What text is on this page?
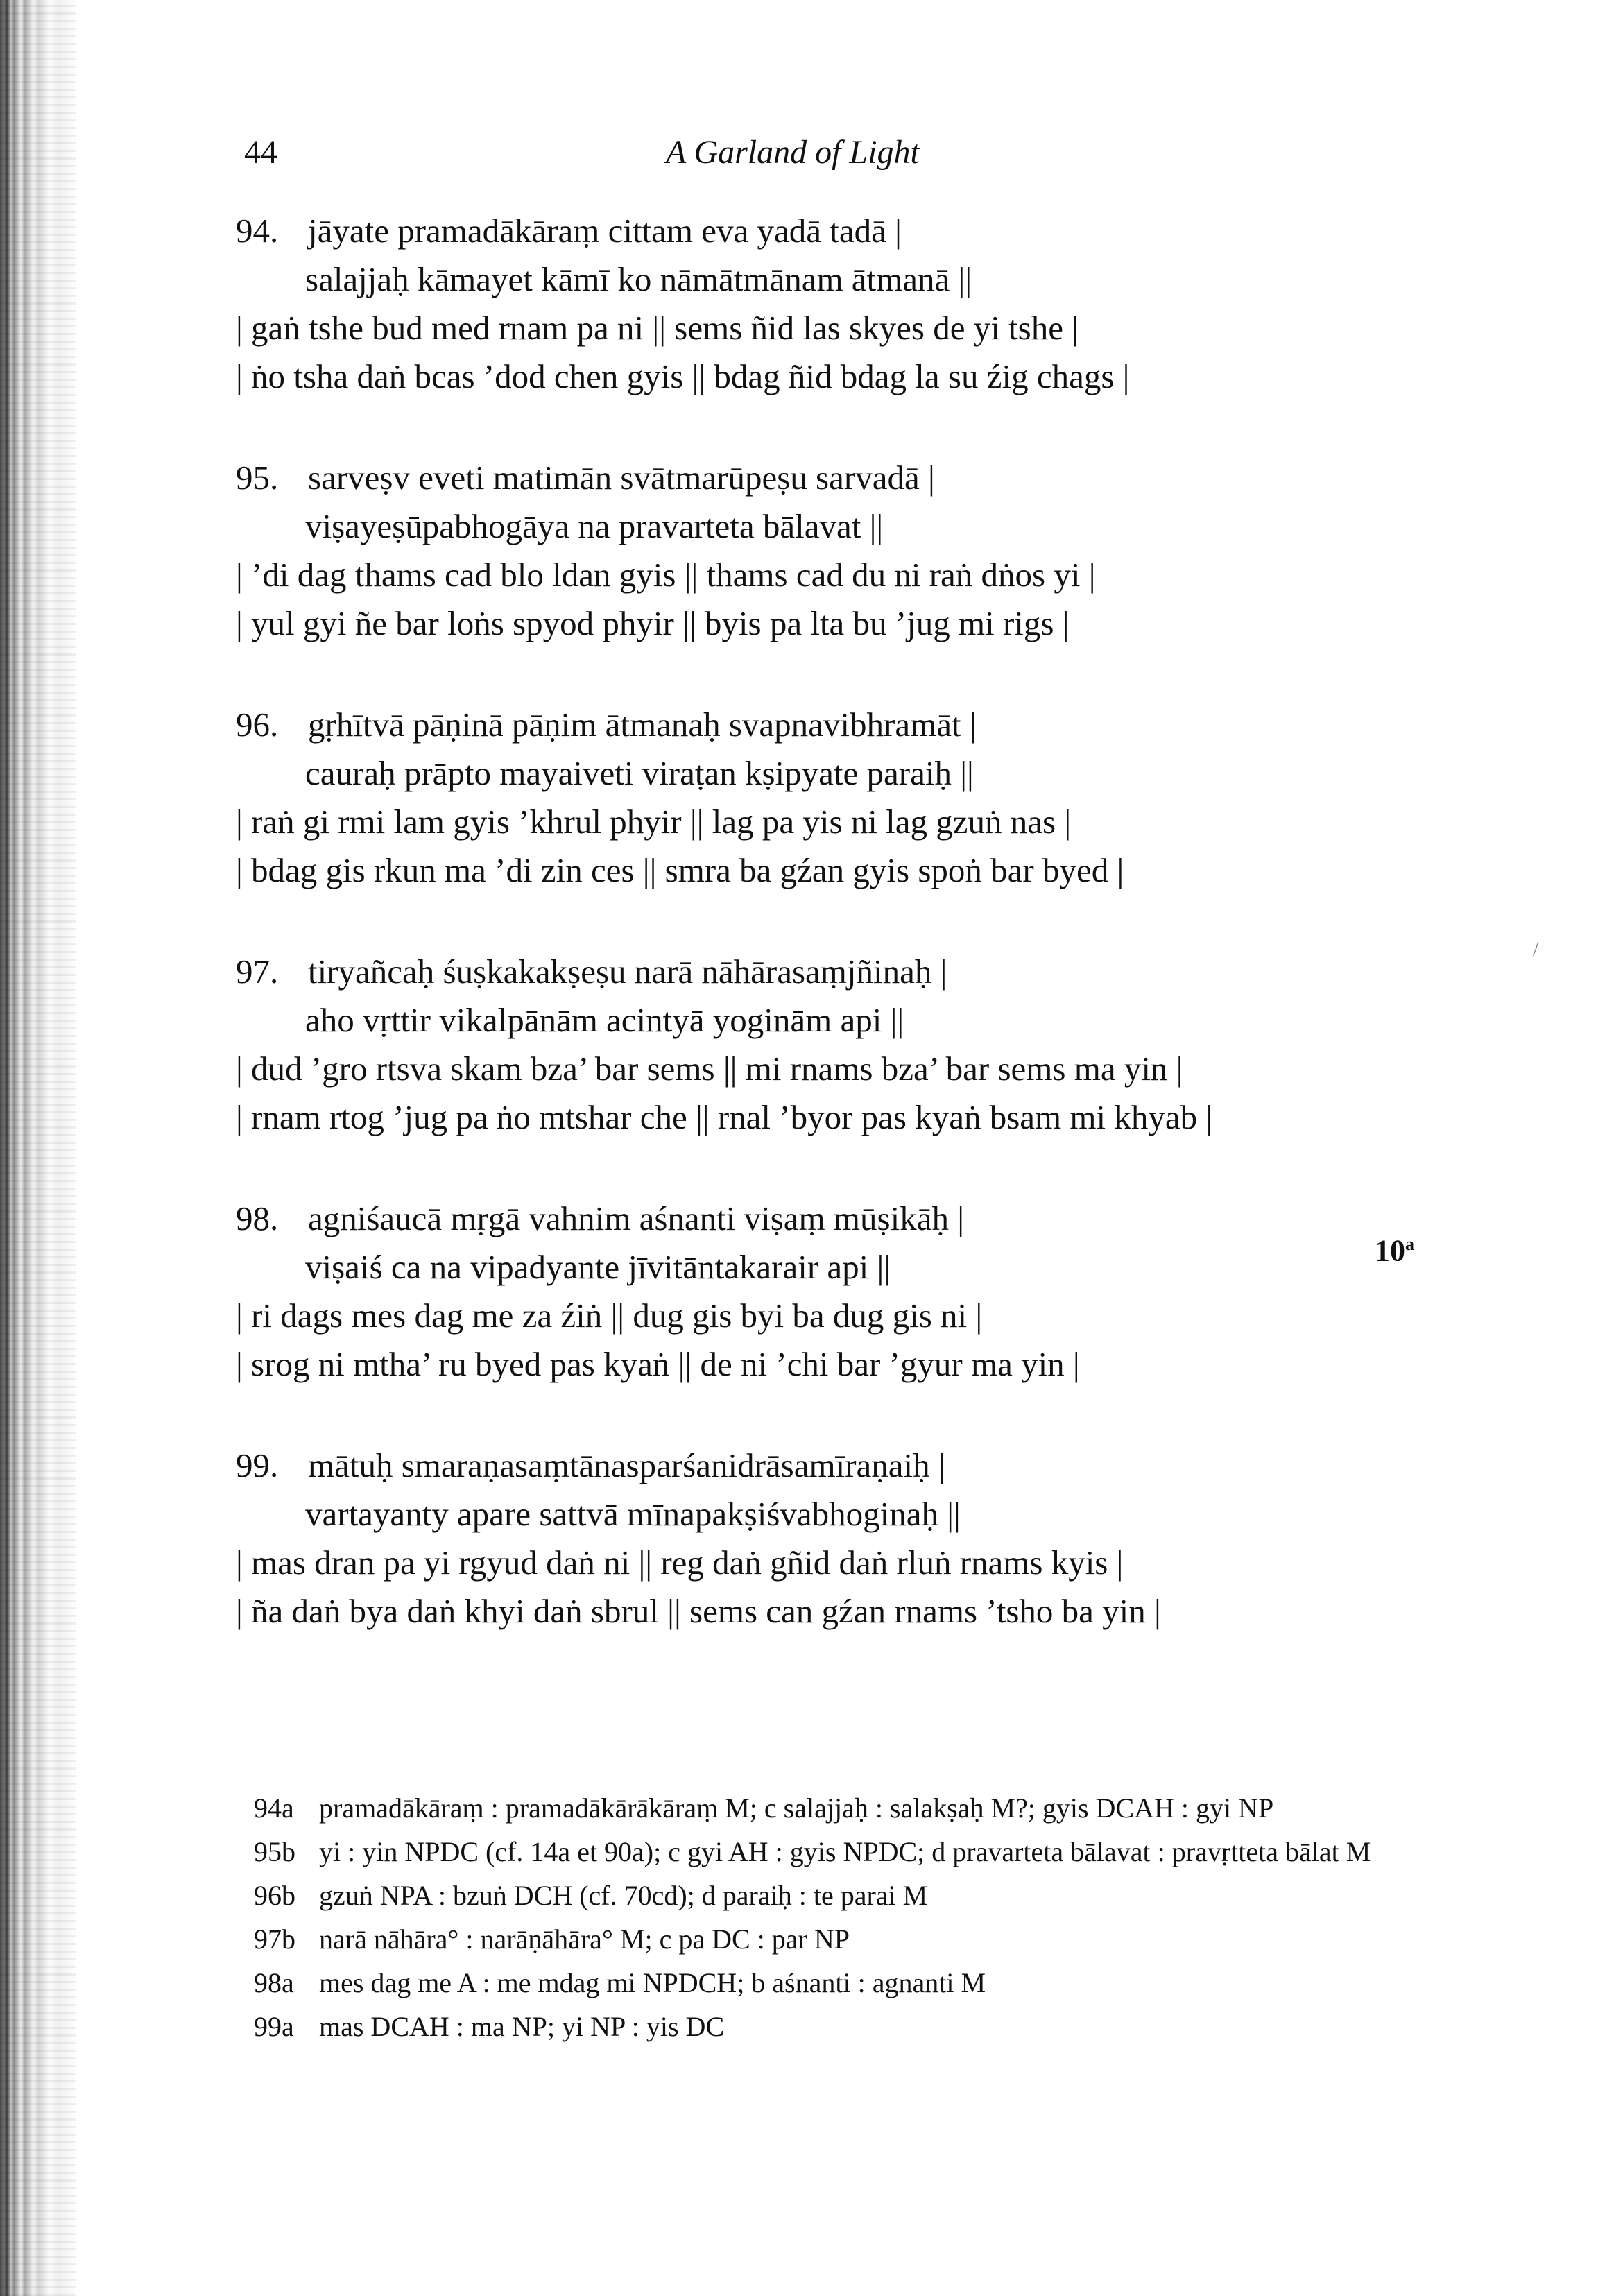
44	A Garland of Light
94. jāyate pramadākāraṃ cittam eva yadā tadā |
salajjaḥ kāmayet kāmī ko nāmātmānam ātmanā ||
| gaṅ tshe bud med rnam pa ni || sems ñid las skyes de yi tshe |
| ṅo tsha daṅ bcas ’dod chen gyis || bdag ñid bdag la su źig chags |
95. sarveṣv eveti matimān svātmarūpeṣu sarvadā |
viṣayeṣūpabhogāya na pravarteta bālavat ||
| ’di dag thams cad blo ldan gyis || thams cad du ni raṅ dṅos yi |
| yul gyi ñe bar loṅs spyod phyir || byis pa lta bu ’jug mi rigs |
96. gṛhītvā pāṇinā pāṇim ātmanaḥ svapnavibhramāt |
cauraḥ prāpto mayaiveti viraṭan kṣipyate paraiḥ ||
| raṅ gi rmi lam gyis ’khrul phyir || lag pa yis ni lag gzuṅ nas |
| bdag gis rkun ma ’di zin ces || smra ba gźan gyis spoṅ bar byed |
97. tiryañcaḥ śuṣkakakṣeṣu narā nāhārasaṃjñinaḥ |
aho vṛttir vikalpānām acintyā yoginām api ||
| dud ’gro rtsva skam bza’ bar sems || mi rnams bza’ bar sems ma yin |
| rnam rtog ’jug pa ṅo mtshar che || rnal ’byor pas kyaṅ bsam mi khyab |
98. agniśaucā mṛgā vahnim aśnanti viṣaṃ mūṣikāḥ |
viṣaiś ca na vipadyante jīvitāntakarair api ||
| ri dags mes dag me za źiṅ || dug gis byi ba dug gis ni |
| srog ni mtha’ ru byed pas kyaṅ || de ni ’chi bar ’gyur ma yin |
99. mātuḥ smaraṇasaṃtānasparśanidrāsamīraṇaiḥ |
vartayanty apare sattvā mīnapakṣiśvabhoginaḥ ||
| mas dran pa yi rgyud daṅ ni || reg daṅ gñid daṅ rluṅ rnams kyis |
| ña daṅ bya daṅ khyi daṅ sbrul || sems can gźan rnams ’tsho ba yin |
10$^a$
/
94a pramadākāraṃ : pramadākārākāraṃ M; c salajjaḥ : salakṣaḥ M?; gyis DCAH : gyi NP
95b yi : yin NPDC (cf. 14a et 90a); c gyi AH : gyis NPDC; d pravarteta bālavat : pravṛtteta bālat M
96b gzuṅ NPA : bzuṅ DCH (cf. 70cd); d paraiḥ : te parai M
97b narā nāhāra° : narāṇāhāra° M; c pa DC : par NP
98a mes dag me A : me mdag mi NPDCH; b aśnanti : agnanti M
99a mas DCAH : ma NP; yi NP : yis DC
